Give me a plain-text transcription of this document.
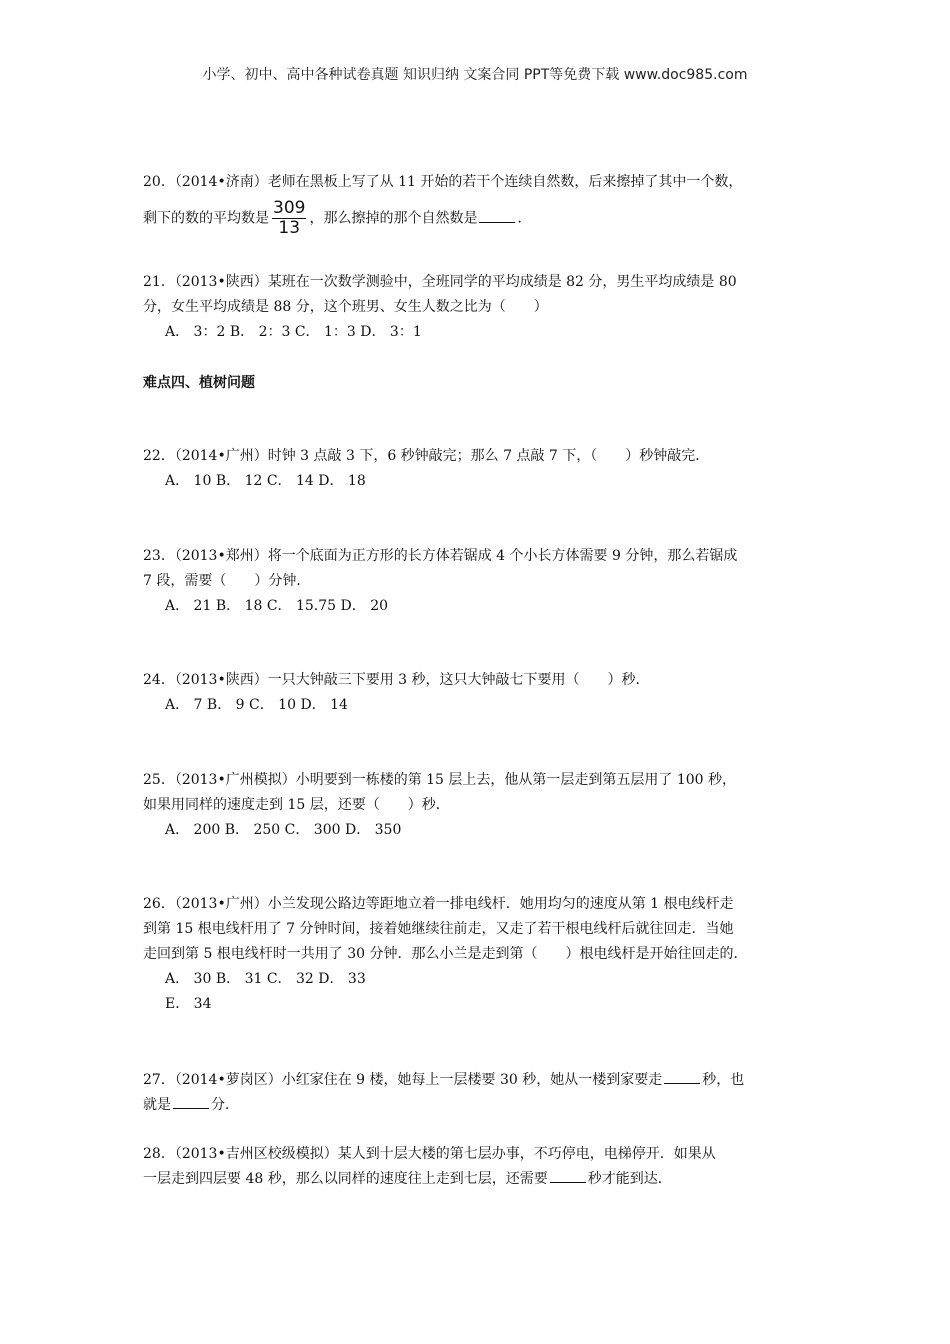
小学、初中、高中各种试卷真题 知识归纳 文案合同 PPT等免费下载 www.doc985.com
20．（2014•济南）老师在黑板上写了从 11 开始的若干个连续自然数，后来擦掉了其中一个数，
剩下的数的平均数是 $\frac{309}{13}$ ，那么擦掉的那个自然数是	．
21．（2013•陕西）某班在一次数学测验中，全班同学的平均成绩是 82 分，男生平均成绩是 80
分，女生平均成绩是 88 分，这个班男、女生人数之比为（　　）
A． 3：2 B． 2：3 C． 1：3 D． 3：1
难点四、植树问题
22．（2014•广州）时钟 3 点敲 3 下，6 秒钟敲完；那么 7 点敲 7 下，（　　）秒钟敲完．
A． 10 B． 12 C． 14 D． 18
23．（2013•郑州）将一个底面为正方形的长方体若锯成 4 个小长方体需要 9 分钟，那么若锯成
7 段，需要（　　）分钟．
A． 21 B． 18 C． 15.75 D． 20
24．（2013•陕西）一只大钟敲三下要用 3 秒，这只大钟敲七下要用（　　）秒．
A． 7 B． 9 C． 10 D． 14
25．（2013•广州模拟）小明要到一栋楼的第 15 层上去，他从第一层走到第五层用了 100 秒，
如果用同样的速度走到 15 层，还要（　　）秒．
A． 200 B． 250 C． 300 D． 350
26．（2013•广州）小兰发现公路边等距地立着一排电线杆．她用均匀的速度从第 1 根电线杆走
到第 15 根电线杆用了 7 分钟时间，接着她继续往前走，又走了若干根电线杆后就往回走．当她
走回到第 5 根电线杆时一共用了 30 分钟．那么小兰是走到第（　　）根电线杆是开始往回走的．
A． 30 B． 31 C． 32 D． 33
E． 34
27．（2014•萝岗区）小红家住在 9 楼，她每上一层楼要 30 秒，她从一楼到家要走	秒，也
就是	分．
28．（2013•吉州区校级模拟）某人到十层大楼的第七层办事，不巧停电，电梯停开．如果从
一层走到四层要 48 秒，那么以同样的速度往上走到七层，还需要	秒才能到达．
